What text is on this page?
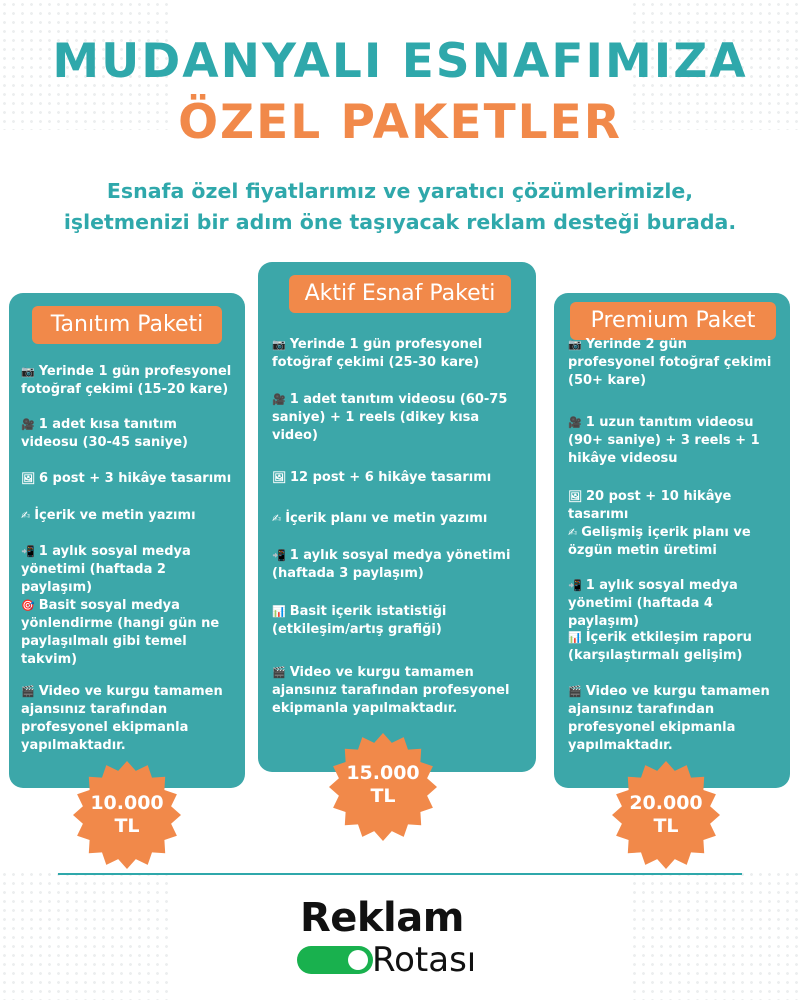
MUDANYALI ESNAFIMIZA
ÖZEL PAKETLER
Esnafa özel fiyatlarımız ve yaratıcı çözümlerimizle,
işletmenizi bir adım öne taşıyacak reklam desteği burada.
Tanıtım Paketi
📷 Yerinde 1 gün profesyonel fotoğraf çekimi (15-20 kare)
🎥 1 adet kısa tanıtım videosu (30-45 saniye)
🖼 6 post + 3 hikâye tasarımı
✍ İçerik ve metin yazımı
📲 1 aylık sosyal medya yönetimi (haftada 2 paylaşım)
🎯 Basit sosyal medya yönlendirme (hangi gün ne paylaşılmalı gibi temel takvim)
🎬 Video ve kurgu tamamen ajansınız tarafından profesyonel ekipmanla yapılmaktadır.
Aktif Esnaf Paketi
📷 Yerinde 1 gün profesyonel fotoğraf çekimi (25-30 kare)
🎥 1 adet tanıtım videosu (60-75 saniye) + 1 reels (dikey kısa video)
🖼 12 post + 6 hikâye tasarımı
✍ İçerik planı ve metin yazımı
📲 1 aylık sosyal medya yönetimi (haftada 3 paylaşım)
📊 Basit içerik istatistiği (etkileşim/artış grafiği)
🎬 Video ve kurgu tamamen ajansınız tarafından profesyonel ekipmanla yapılmaktadır.
Premium Paket
📷 Yerinde 2 gün profesyonel fotoğraf çekimi (50+ kare)
🎥 1 uzun tanıtım videosu (90+ saniye) + 3 reels + 1 hikâye videosu
🖼 20 post + 10 hikâye tasarımı
✍ Gelişmiş içerik planı ve özgün metin üretimi
📲 1 aylık sosyal medya yönetimi (haftada 4 paylaşım)
📊 İçerik etkileşim raporu (karşılaştırmalı gelişim)
🎬 Video ve kurgu tamamen ajansınız tarafından profesyonel ekipmanla yapılmaktadır.
10.000
TL
15.000
TL	20.000
TL
Reklam
Rotası
